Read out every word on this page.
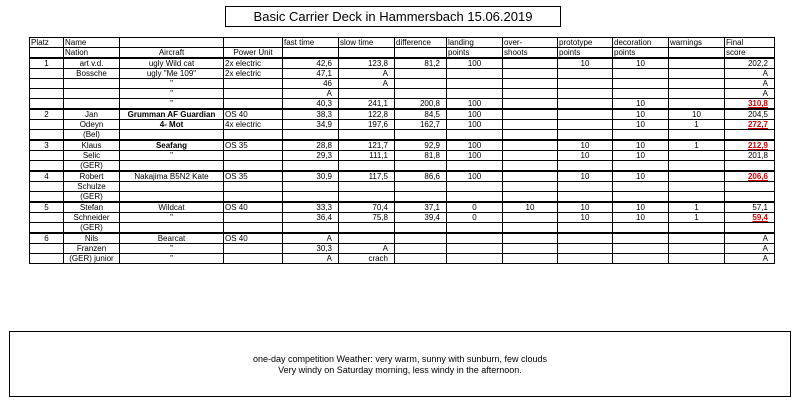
Basic Carrier Deck in Hammersbach 15.06.2019
Platz	Name			fast time	slow time	difference	landing	over-	prototype	decoration	warnings	Final
	Nation	Aircraft	Power Unit				points	shoots	points	points		score
1	art v.d.	ugly Wild cat	2x electric	42,6	123,8	81,2	100		10	10		202,2
	Bossche	ugly "Me 109"	2x electric	47,1	A							A
		"		46	A							A
		"		A								A
		"		40,3	241,1	200,8	100			10		310,8
2	Jan	Grumman AF Guardian	OS 40	38,3	122,8	84,5	100			10	10	204,5
	Odeyn	4- Mot	4x electric	34,9	197,6	162,7	100			10	1	272,7
	(Bel)											
3	Klaus	Seafang	OS 35	28,8	121,7	92,9	100		10	10	1	212,9
	Selic	"		29,3	111,1	81,8	100		10	10		201,8
	(GER)											
4	Robert	Nakajima B5N2 Kate	OS 35	30,9	117,5	86,6	100		10	10		206,6
	Schulze											
	(GER)											
5	Stefan	Wildcat	OS 40	33,3	70,4	37,1	0	10	10	10	1	57,1
	Schneider	"		36,4	75,8	39,4	0		10	10	1	59,4
	(GER)											
6	Nils	Bearcat	OS 40	A								A
	Franzen	"		30,3	A							A
	(GER) junior	"		A	crach							A
one-day competition Weather: very warm, sunny with sunburn, few clouds
Very windy on Saturday morning, less windy in the afternoon.
